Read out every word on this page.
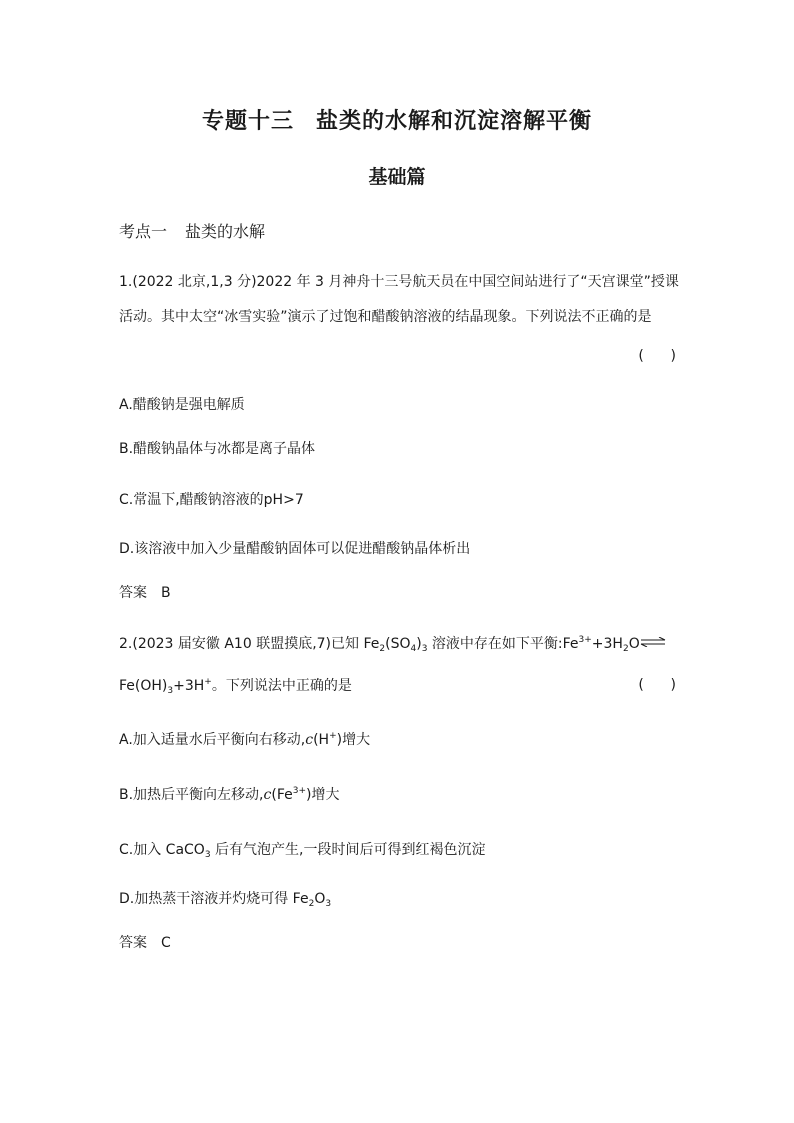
专题十三 盐类的水解和沉淀溶解平衡
基础篇
考点一 盐类的水解
1.(2022 北京,1,3 分)2022 年 3 月神舟十三号航天员在中国空间站进行了“天宫课堂”授课
活动。其中太空“冰雪实验”演示了过饱和醋酸钠溶液的结晶现象。下列说法不正确的是
(      )
A.醋酸钠是强电解质
B.醋酸钠晶体与冰都是离子晶体
C.常温下,醋酸钠溶液的pH>7
D.该溶液中加入少量醋酸钠固体可以促进醋酸钠晶体析出
答案 B
2.(2023 届安徽 A10 联盟摸底,7)已知 $Fe_2(SO_4)_3$ 溶液中存在如下平衡$:Fe^{3+}+3H_2O\rightleftharpoons$
$Fe(OH)_3+3H^+$。下列说法中正确的是	(      )
A.加入适量水后平衡向右移动,c(H+)增大
B.加热后平衡向左移动$,c(Fe^{3+})$增大
C.加入 CaCO$_3$ 后有气泡产生,一段时间后可得到红褐色沉淀
D.加热蒸干溶液并灼烧可得 $Fe_2O_3$
答案 C
